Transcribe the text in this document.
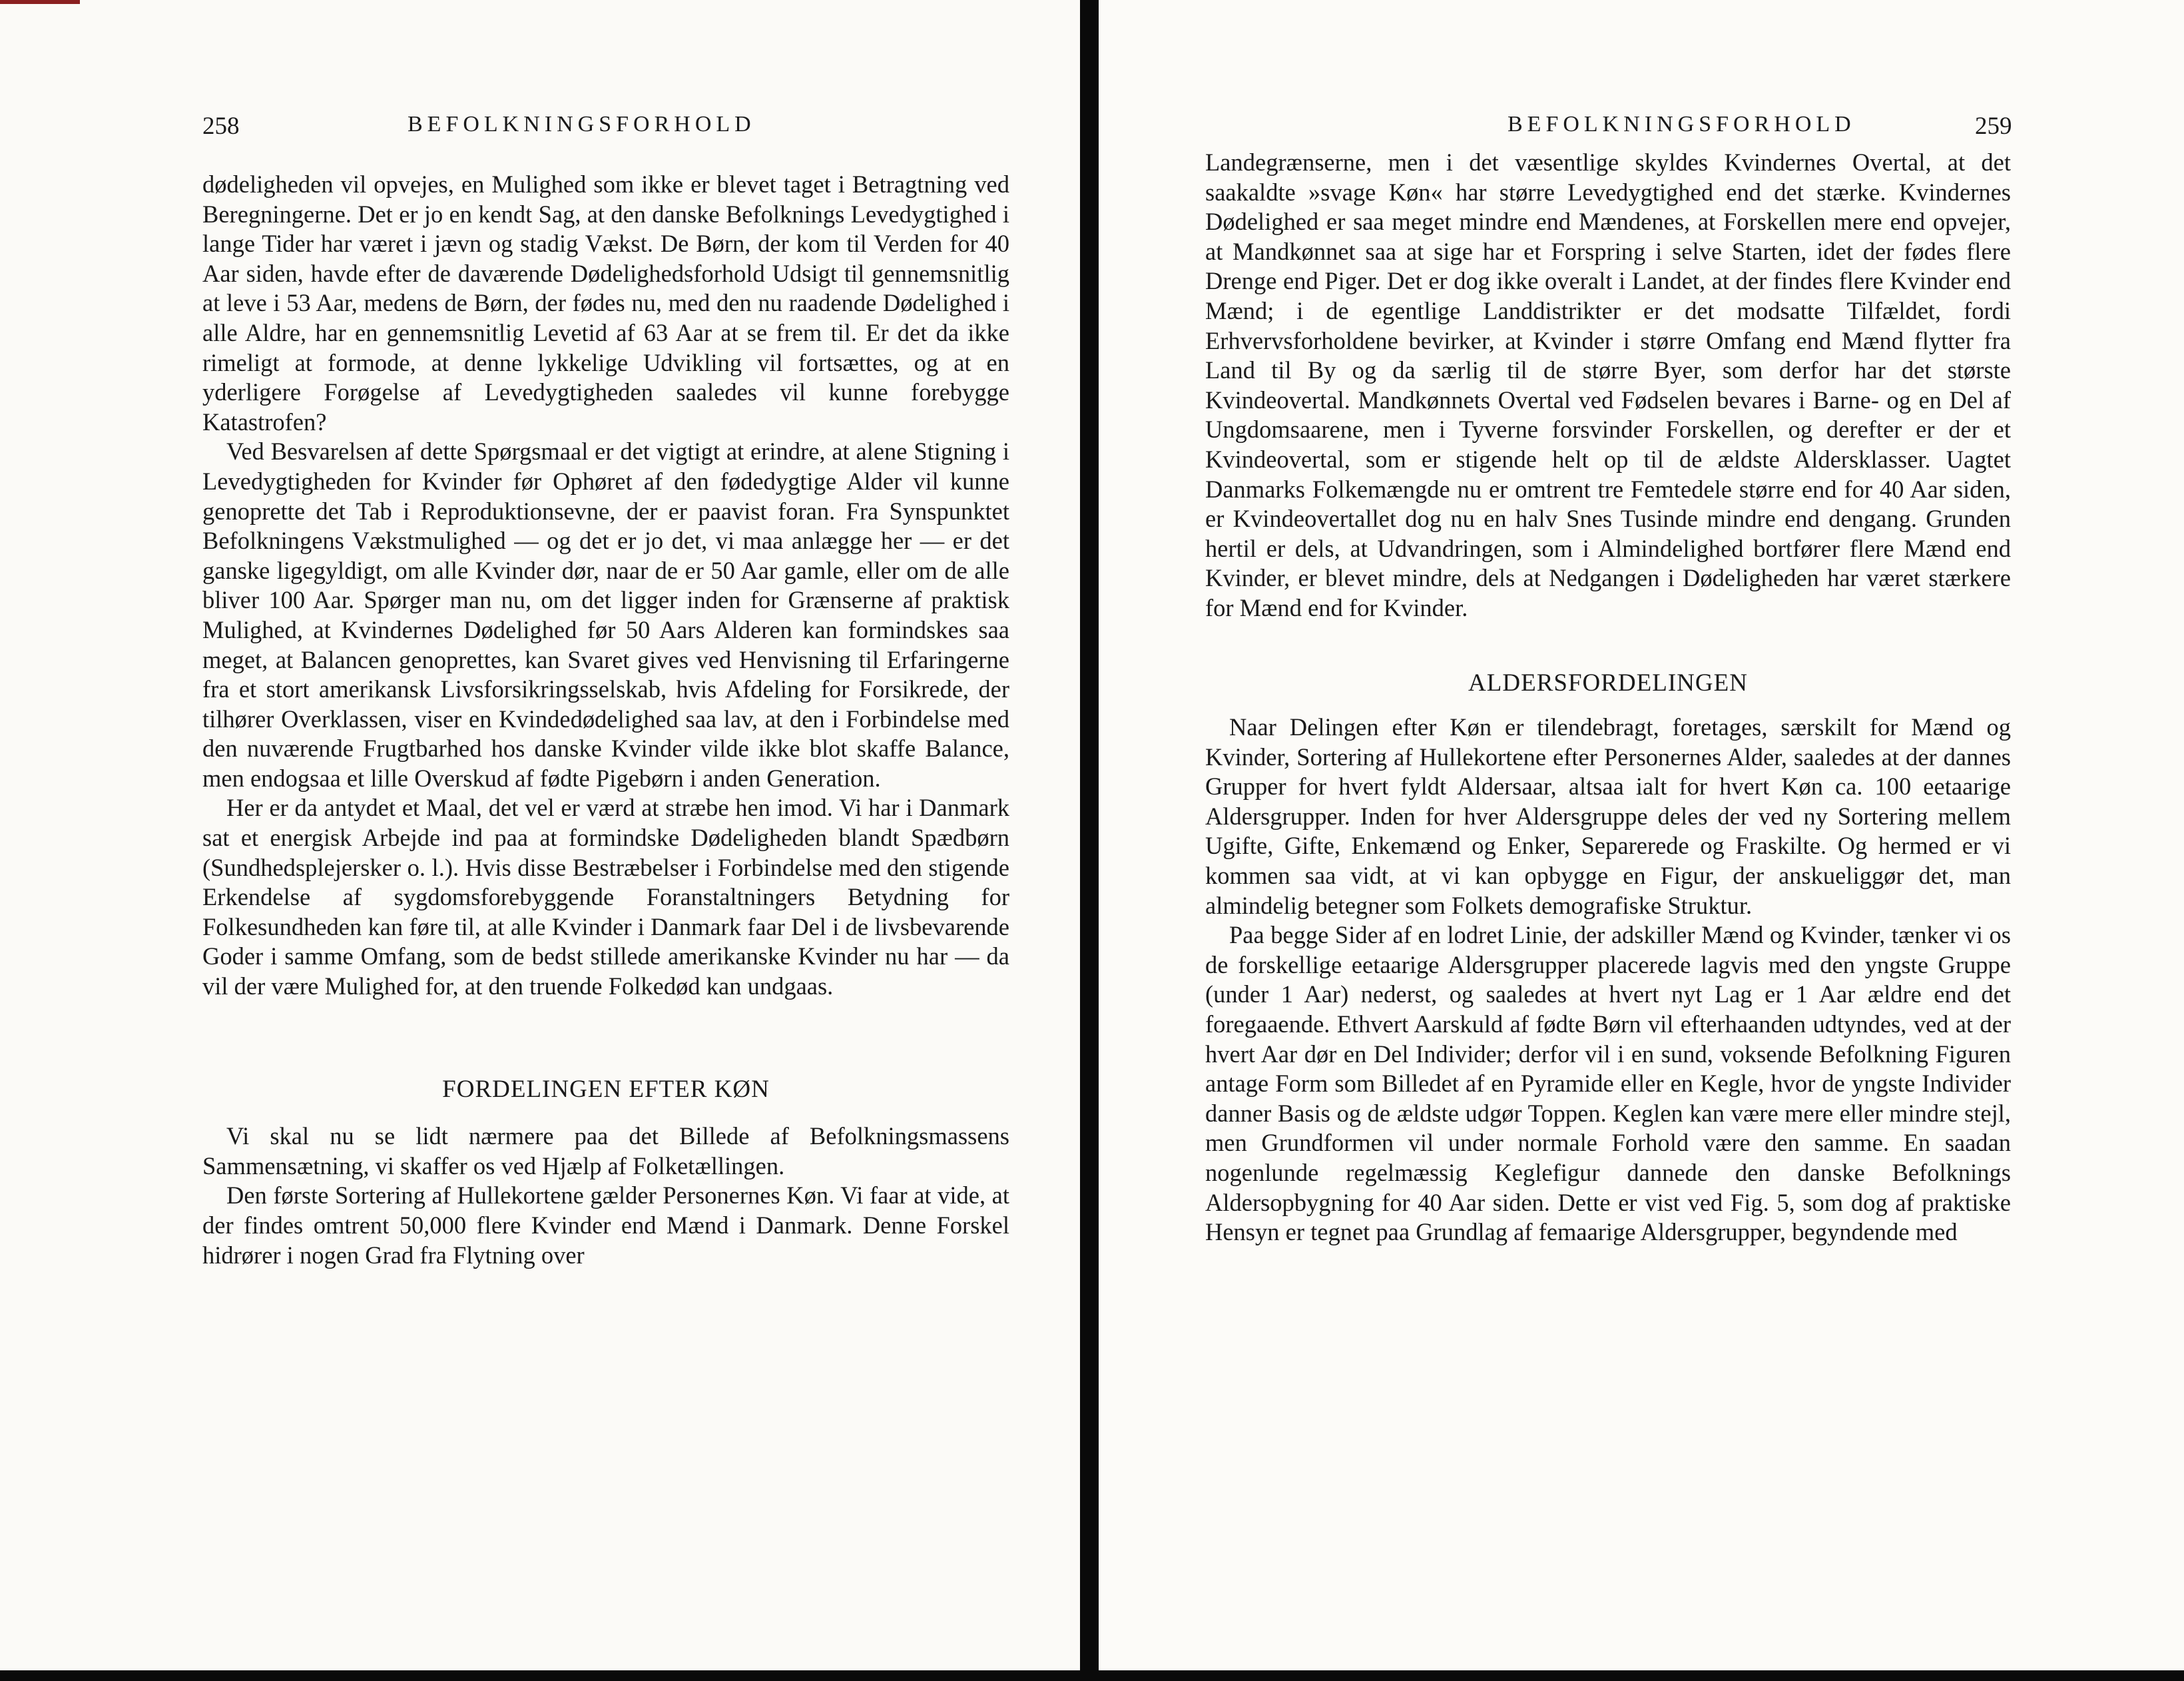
258	BEFOLKNINGSFORHOLD

dødeligheden vil opvejes, en Mulighed som ikke er blevet taget i Betragtning ved Beregningerne. Det er jo en kendt Sag, at den danske Befolknings Levedygtighed i lange Tider har været i jævn og stadig Vækst. De Børn, der kom til Verden for 40 Aar siden, havde efter de daværende Dødelighedsforhold Udsigt til gennemsnitlig at leve i 53 Aar, medens de Børn, der fødes nu, med den nu raadende Dødelighed i alle Aldre, har en gennemsnitlig Levetid af 63 Aar at se frem til. Er det da ikke rimeligt at formode, at denne lykkelige Udvikling vil fortsættes, og at en yderligere Forøgelse af Levedygtigheden saaledes vil kunne forebygge Katastrofen?

Ved Besvarelsen af dette Spørgsmaal er det vigtigt at erindre, at alene Stigning i Levedygtigheden for Kvinder før Ophøret af den fødedygtige Alder vil kunne genoprette det Tab i Reproduktionsevne, der er paavist foran. Fra Synspunktet Befolkningens Vækstmulighed — og det er jo det, vi maa anlægge her — er det ganske ligegyldigt, om alle Kvinder dør, naar de er 50 Aar gamle, eller om de alle bliver 100 Aar. Spørger man nu, om det ligger inden for Grænserne af praktisk Mulighed, at Kvindernes Dødelighed før 50 Aars Alderen kan formindskes saa meget, at Balancen genoprettes, kan Svaret gives ved Henvisning til Erfaringerne fra et stort amerikansk Livsforsikringsselskab, hvis Afdeling for Forsikrede, der tilhører Overklassen, viser en Kvindedødelighed saa lav, at den i Forbindelse med den nuværende Frugtbarhed hos danske Kvinder vilde ikke blot skaffe Balance, men endogsaa et lille Overskud af fødte Pigebørn i anden Generation.

Her er da antydet et Maal, det vel er værd at stræbe hen imod. Vi har i Danmark sat et energisk Arbejde ind paa at formindske Dødeligheden blandt Spædbørn (Sundhedsplejersker o. l.). Hvis disse Bestræbelser i Forbindelse med den stigende Erkendelse af sygdomsforebyggende Foranstaltningers Betydning for Folkesundheden kan føre til, at alle Kvinder i Danmark faar Del i de livsbevarende Goder i samme Omfang, som de bedst stillede amerikanske Kvinder nu har — da vil der være Mulighed for, at den truende Folkedød kan undgaas.

FORDELINGEN EFTER KØN

Vi skal nu se lidt nærmere paa det Billede af Befolkningsmassens Sammensætning, vi skaffer os ved Hjælp af Folketællingen.

Den første Sortering af Hullekortene gælder Personernes Køn. Vi faar at vide, at der findes omtrent 50,000 flere Kvinder end Mænd i Danmark. Denne Forskel hidrører i nogen Grad fra Flytning over

BEFOLKNINGSFORHOLD	259

Landegrænserne, men i det væsentlige skyldes Kvindernes Overtal, at det saakaldte »svage Køn« har større Levedygtighed end det stærke. Kvindernes Dødelighed er saa meget mindre end Mændenes, at Forskellen mere end opvejer, at Mandkønnet saa at sige har et Forspring i selve Starten, idet der fødes flere Drenge end Piger. Det er dog ikke overalt i Landet, at der findes flere Kvinder end Mænd; i de egentlige Landdistrikter er det modsatte Tilfældet, fordi Erhvervsforholdene bevirker, at Kvinder i større Omfang end Mænd flytter fra Land til By og da særlig til de større Byer, som derfor har det største Kvindeovertal. Mandkønnets Overtal ved Fødselen bevares i Barne- og en Del af Ungdomsaarene, men i Tyverne forsvinder Forskellen, og derefter er der et Kvindeovertal, som er stigende helt op til de ældste Aldersklasser. Uagtet Danmarks Folkemængde nu er omtrent tre Femtedele større end for 40 Aar siden, er Kvindeovertallet dog nu en halv Snes Tusinde mindre end dengang. Grunden hertil er dels, at Udvandringen, som i Almindelighed bortfører flere Mænd end Kvinder, er blevet mindre, dels at Nedgangen i Dødeligheden har været stærkere for Mænd end for Kvinder.

ALDERSFORDELINGEN

Naar Delingen efter Køn er tilendebragt, foretages, særskilt for Mænd og Kvinder, Sortering af Hullekortene efter Personernes Alder, saaledes at der dannes Grupper for hvert fyldt Aldersaar, altsaa ialt for hvert Køn ca. 100 eetaarige Aldersgrupper. Inden for hver Aldersgruppe deles der ved ny Sortering mellem Ugifte, Gifte, Enkemænd og Enker, Separerede og Fraskilte. Og hermed er vi kommen saa vidt, at vi kan opbygge en Figur, der anskueliggør det, man almindelig betegner som Folkets demografiske Struktur.

Paa begge Sider af en lodret Linie, der adskiller Mænd og Kvinder, tænker vi os de forskellige eetaarige Aldersgrupper placerede lagvis med den yngste Gruppe (under 1 Aar) nederst, og saaledes at hvert nyt Lag er 1 Aar ældre end det foregaaende. Ethvert Aarskuld af fødte Børn vil efterhaanden udtyndes, ved at der hvert Aar dør en Del Individer; derfor vil i en sund, voksende Befolkning Figuren antage Form som Billedet af en Pyramide eller en Kegle, hvor de yngste Individer danner Basis og de ældste udgør Toppen. Keglen kan være mere eller mindre stejl, men Grundformen vil under normale Forhold være den samme. En saadan nogenlunde regelmæssig Keglefigur dannede den danske Befolknings Aldersopbygning for 40 Aar siden. Dette er vist ved Fig. 5, som dog af praktiske Hensyn er tegnet paa Grundlag af femaarige Aldersgrupper, begyndende med
